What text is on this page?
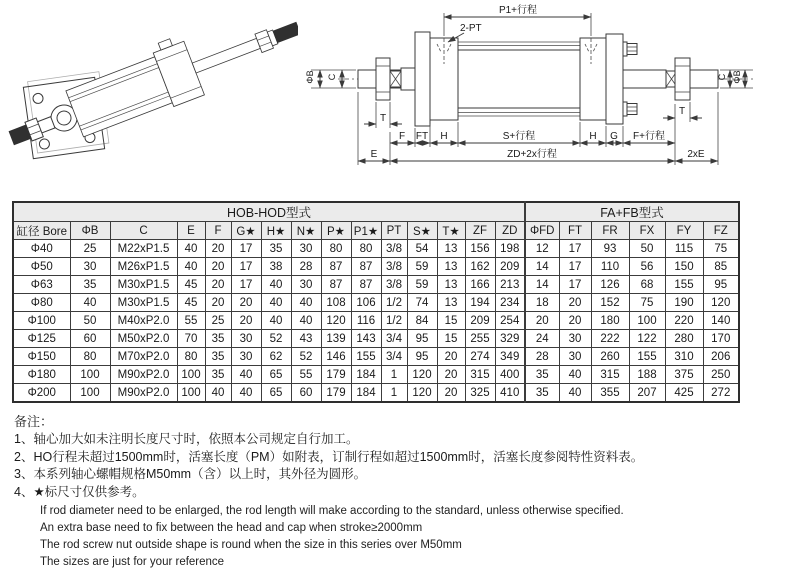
P1+行程
2-PT
ΦB C
T
F FT H	S+行程	H G F+行程
E	ZD+2x行程	2xE
T
C ΦB
HOB-HOD型式															FA+FB型式					
缸径 Bore	ΦB	C	E	F	G★	H★	N★	P★	P1★	PT	S★	T★	ZF	ZD	ΦFD	FT	FR	FX	FY	FZ
Φ40	25	M22xP1.5	40	20	17	35	30	80	80	3/8	54	13	156	198	12	17	93	50	115	75
Φ50	30	M26xP1.5	40	20	17	38	28	87	87	3/8	59	13	162	209	14	17	110	56	150	85
Φ63	35	M30xP1.5	45	20	17	40	30	87	87	3/8	59	13	166	213	14	17	126	68	155	95
Φ80	40	M30xP1.5	45	20	20	40	40	108	106	1/2	74	13	194	234	18	20	152	75	190	120
Φ100	50	M40xP2.0	55	25	20	40	40	120	116	1/2	84	15	209	254	20	20	180	100	220	140
Φ125	60	M50xP2.0	70	35	30	52	43	139	143	3/4	95	15	255	329	24	30	222	122	280	170
Φ150	80	M70xP2.0	80	35	30	62	52	146	155	3/4	95	20	274	349	28	30	260	155	310	206
Φ180	100	M90xP2.0	100	35	40	65	55	179	184	1	120	20	315	400	35	40	315	188	375	250
Φ200	100	M90xP2.0	100	40	40	65	60	179	184	1	120	20	325	410	35	40	355	207	425	272
备注：
1、轴心加大如未注明长度尺寸时，依照本公司规定自行加工。
2、HO行程未超过1500mm时，活塞长度（PM）如附表，订制行程如超过1500mm时，活塞长度参阅特性资料表。
3、本系列轴心螺帽规格M50mm（含）以上时，其外径为圆形。
4、★标尺寸仅供参考。
If rod diameter need to be enlarged, the rod length will make according to the standard, unless otherwise specified.
An extra base need to fix between the head and cap when stroke≥2000mm
The rod screw nut outside shape is round when the size in this series over M50mm
The sizes are just for your reference
